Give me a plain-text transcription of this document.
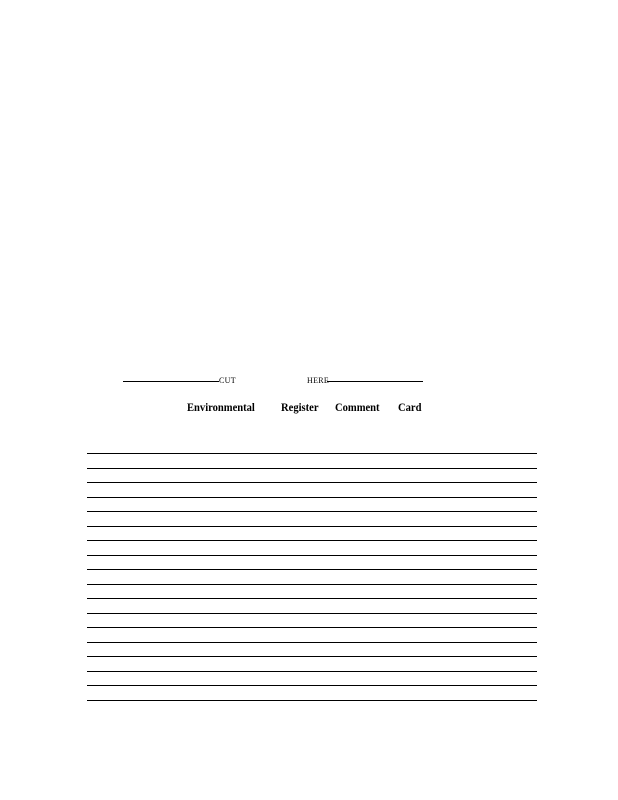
CUT	HERE
Environmental Register Comment Card
